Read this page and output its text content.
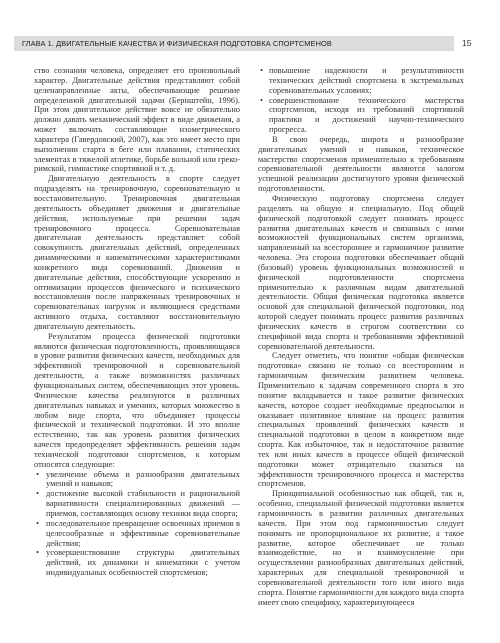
ГЛАВА 1. ДВИГАТЕЛЬНЫЕ КАЧЕСТВА И ФИЗИЧЕСКАЯ ПОДГОТОВКА СПОРТСМЕНОВ	15

ство сознания человека, определяет его произвольный характер. Двигательные действия представляют собой целенаправленные акты, обеспечивающие решение определенной двигательной задачи (Бернштейн, 1996). При этом двигательное действие вовсе не обязательно должно давать механический эффект в виде движения, а может включать составляющие изометрического характера (Гавердовский, 2007), как это имеет место при выполнении старта в беге или плавании, статических элементах в тяжелой атлетике, борьбе вольной или греко-римской, гимнастике спортивной и т. д.

Двигательную деятельность в спорте следует подразделять на тренировочную, соревновательную и восстановительную. Тренировочная двигательная деятельность объединяет движения и двигательные действия, используемые при решении задач тренировочного процесса. Соревновательная двигательная деятельность представляет собой совокупность двигательных действий, определенных динамическими и кинематическими характеристиками конкретного вида соревнований. Движения и двигательные действия, способствующие ускорению и оптимизации процессов физического и психического восстановления после напряженных тренировочных и соревновательных нагрузок и являющиеся средствами активного отдыха, составляют восстановительную двигательную деятельность.

Результатом процесса физической подготовки являются физическая подготовленность, проявляющаяся в уровне развития физических качеств, необходимых для эффективной тренировочной и соревновательной деятельности, а также возможностях различных функциональных систем, обеспечивающих этот уровень. Физические качества реализуются в различных двигательных навыках и умениях, которых множество в любом виде спорта, что объединяет процессы физической и технической подготовки. И это вполне естественно, так как уровень развития физических качеств предопределяет эффективность решения задач технической подготовки спортсменов, к которым относятся следующие:

• увеличение объема и разнообразия двигательных умений и навыков;
• достижение высокой стабильности и рациональной вариативности специализированных движений — приемов, составляющих основу техники вида спорта;
• последовательное превращение освоенных приемов в целесообразные и эффективные соревновательные действия;
• усовершенствование структуры двигательных действий, их динамики и кинематики с учетом индивидуальных особенностей спортсменов;
• повышение надежности и результативности технических действий спортсмена в экстремальных соревновательных условиях;
• совершенствование технического мастерства спортсменов, исходя из требований спортивной практики и достижений научно-технического прогресса.

В свою очередь, широта и разнообразие двигательных умений и навыков, техническое мастерство спортсменов применительно к требованиям соревновательной деятельности являются залогом успешной реализации достигнутого уровня физической подготовленности.

Физическую подготовку спортсмена следует разделять на общую и специальную. Под общей физической подготовкой следует понимать процесс развития двигательных качеств и связанных с ними возможностей функциональных систем организма, направленный на всестороннее и гармоничное развитие человека. Эта сторона подготовки обеспечивает общий (базовый) уровень функциональных возможностей и физической подготовленности спортсмена применительно к различным видам двигательной деятельности. Общая физическая подготовка является основой для специальной физической подготовки, под которой следует понимать процесс развития различных физических качеств в строгом соответствии со спецификой вида спорта и требованиями эффективной соревновательной деятельности.

Следует отметить, что понятие «общая физическая подготовка» связано не только со всесторонним и гармоничным физическим развитием человека. Применительно к задачам современного спорта в это понятие вкладывается и такое развитие физических качеств, которое создает необходимые предпосылки и оказывает позитивное влияние на процесс развития специальных проявлений физических качеств и специальной подготовки в целом в конкретном виде спорта. Как избыточное, так и недостаточное развитие тех или иных качеств в процессе общей физической подготовки может отрицательно сказаться на эффективности тренировочного процесса и мастерства спортсменов.

Принципиальной особенностью как общей, так и, особенно, специальной физической подготовки является гармоничность в развитии различных двигательных качеств. При этом под гармоничностью следует понимать не пропорциональное их развитие, а такое развитие, которое обеспечивает не только взаимодействие, но и взаимоусиление при осуществлении разнообразных двигательных действий, характерных для специальной тренировочной и соревновательной деятельности того или иного вида спорта. Понятие гармоничности для каждого вида спорта имеет свою специфику, характеризующееся
